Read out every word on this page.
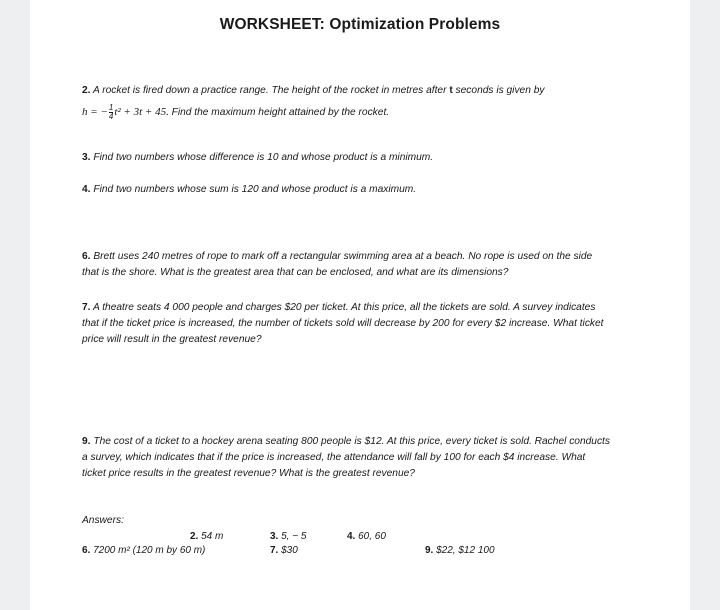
WORKSHEET: Optimization Problems
2. A rocket is fired down a practice range. The height of the rocket in metres after t seconds is given by
h = − $\frac{1}{4} t^2 + 3t + 45$. Find the maximum height attained by the rocket.
3. Find two numbers whose difference is 10 and whose product is a minimum.
4. Find two numbers whose sum is 120 and whose product is a maximum.
6. Brett uses 240 metres of rope to mark off a rectangular swimming area at a beach. No rope is used on the side
that is the shore. What is the greatest area that can be enclosed, and what are its dimensions?
7. A theatre seats 4 000 people and charges $20 per ticket. At this price, all the tickets are sold. A survey indicates
that if the ticket price is increased, the number of tickets sold will decrease by 200 for every $2 increase. What ticket
price will result in the greatest revenue?
9. The cost of a ticket to a hockey arena seating 800 people is $12. At this price, every ticket is sold. Rachel conducts
a survey, which indicates that if the price is increased, the attendance will fall by 100 for each $4 increase. What
ticket price results in the greatest revenue? What is the greatest revenue?
Answers:
2. 54 m	3. 5, − 5	4. 60, 60
6. 7200 m² (120 m by 60 m)	7. $30	9. $22, $12 100
